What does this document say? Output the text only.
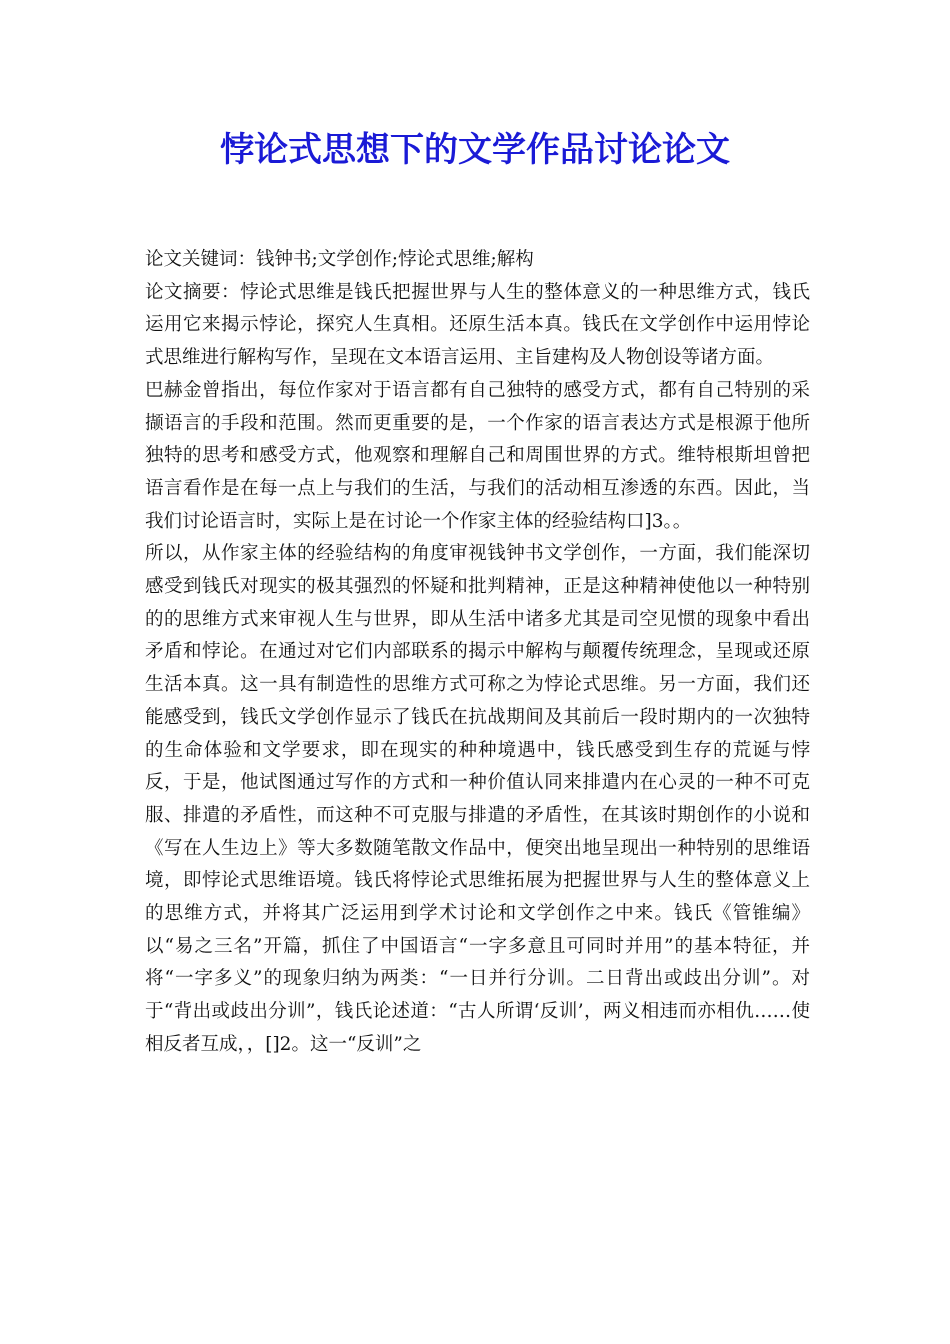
悖论式思想下的文学作品讨论论文

论文关键词：钱钟书;文学创作;悖论式思维;解构

论文摘要：悖论式思维是钱氏把握世界与人生的整体意义的一种思维方式，钱氏运用它来揭示悖论，探究人生真相。还原生活本真。钱氏在文学创作中运用悖论式思维进行解构写作，呈现在文本语言运用、主旨建构及人物创设等诸方面。

巴赫金曾指出，每位作家对于语言都有自己独特的感受方式，都有自己特别的采撷语言的手段和范围。然而更重要的是，一个作家的语言表达方式是根源于他所独特的思考和感受方式，他观察和理解自己和周围世界的方式。维特根斯坦曾把语言看作是在每一点上与我们的生活，与我们的活动相互渗透的东西。因此，当我们讨论语言时，实际上是在讨论一个作家主体的经验结构口]3。。

所以，从作家主体的经验结构的角度审视钱钟书文学创作，一方面，我们能深切感受到钱氏对现实的极其强烈的怀疑和批判精神，正是这种精神使他以一种特别的的思维方式来审视人生与世界，即从生活中诸多尤其是司空见惯的现象中看出矛盾和悖论。在通过对它们内部联系的揭示中解构与颠覆传统理念，呈现或还原生活本真。这一具有制造性的思维方式可称之为悖论式思维。另一方面，我们还能感受到，钱氏文学创作显示了钱氏在抗战期间及其前后一段时期内的一次独特的生命体验和文学要求，即在现实的种种境遇中，钱氏感受到生存的荒诞与悖反，于是，他试图通过写作的方式和一种价值认同来排遣内在心灵的一种不可克服、排遣的矛盾性，而这种不可克服与排遣的矛盾性，在其该时期创作的小说和《写在人生边上》等大多数随笔散文作品中，便突出地呈现出一种特别的思维语境，即悖论式思维语境。钱氏将悖论式思维拓展为把握世界与人生的整体意义上的思维方式，并将其广泛运用到学术讨论和文学创作之中来。钱氏《管锥编》以“易之三名”开篇，抓住了中国语言“一字多意且可同时并用”的基本特征，并将“一字多义”的现象归纳为两类：“一日并行分训。二日背出或歧出分训”。对于“背出或歧出分训”，钱氏论述道：“古人所谓‘反训’，两义相违而亦相仇……使相反者互成，，[]2。这一“反训”之
